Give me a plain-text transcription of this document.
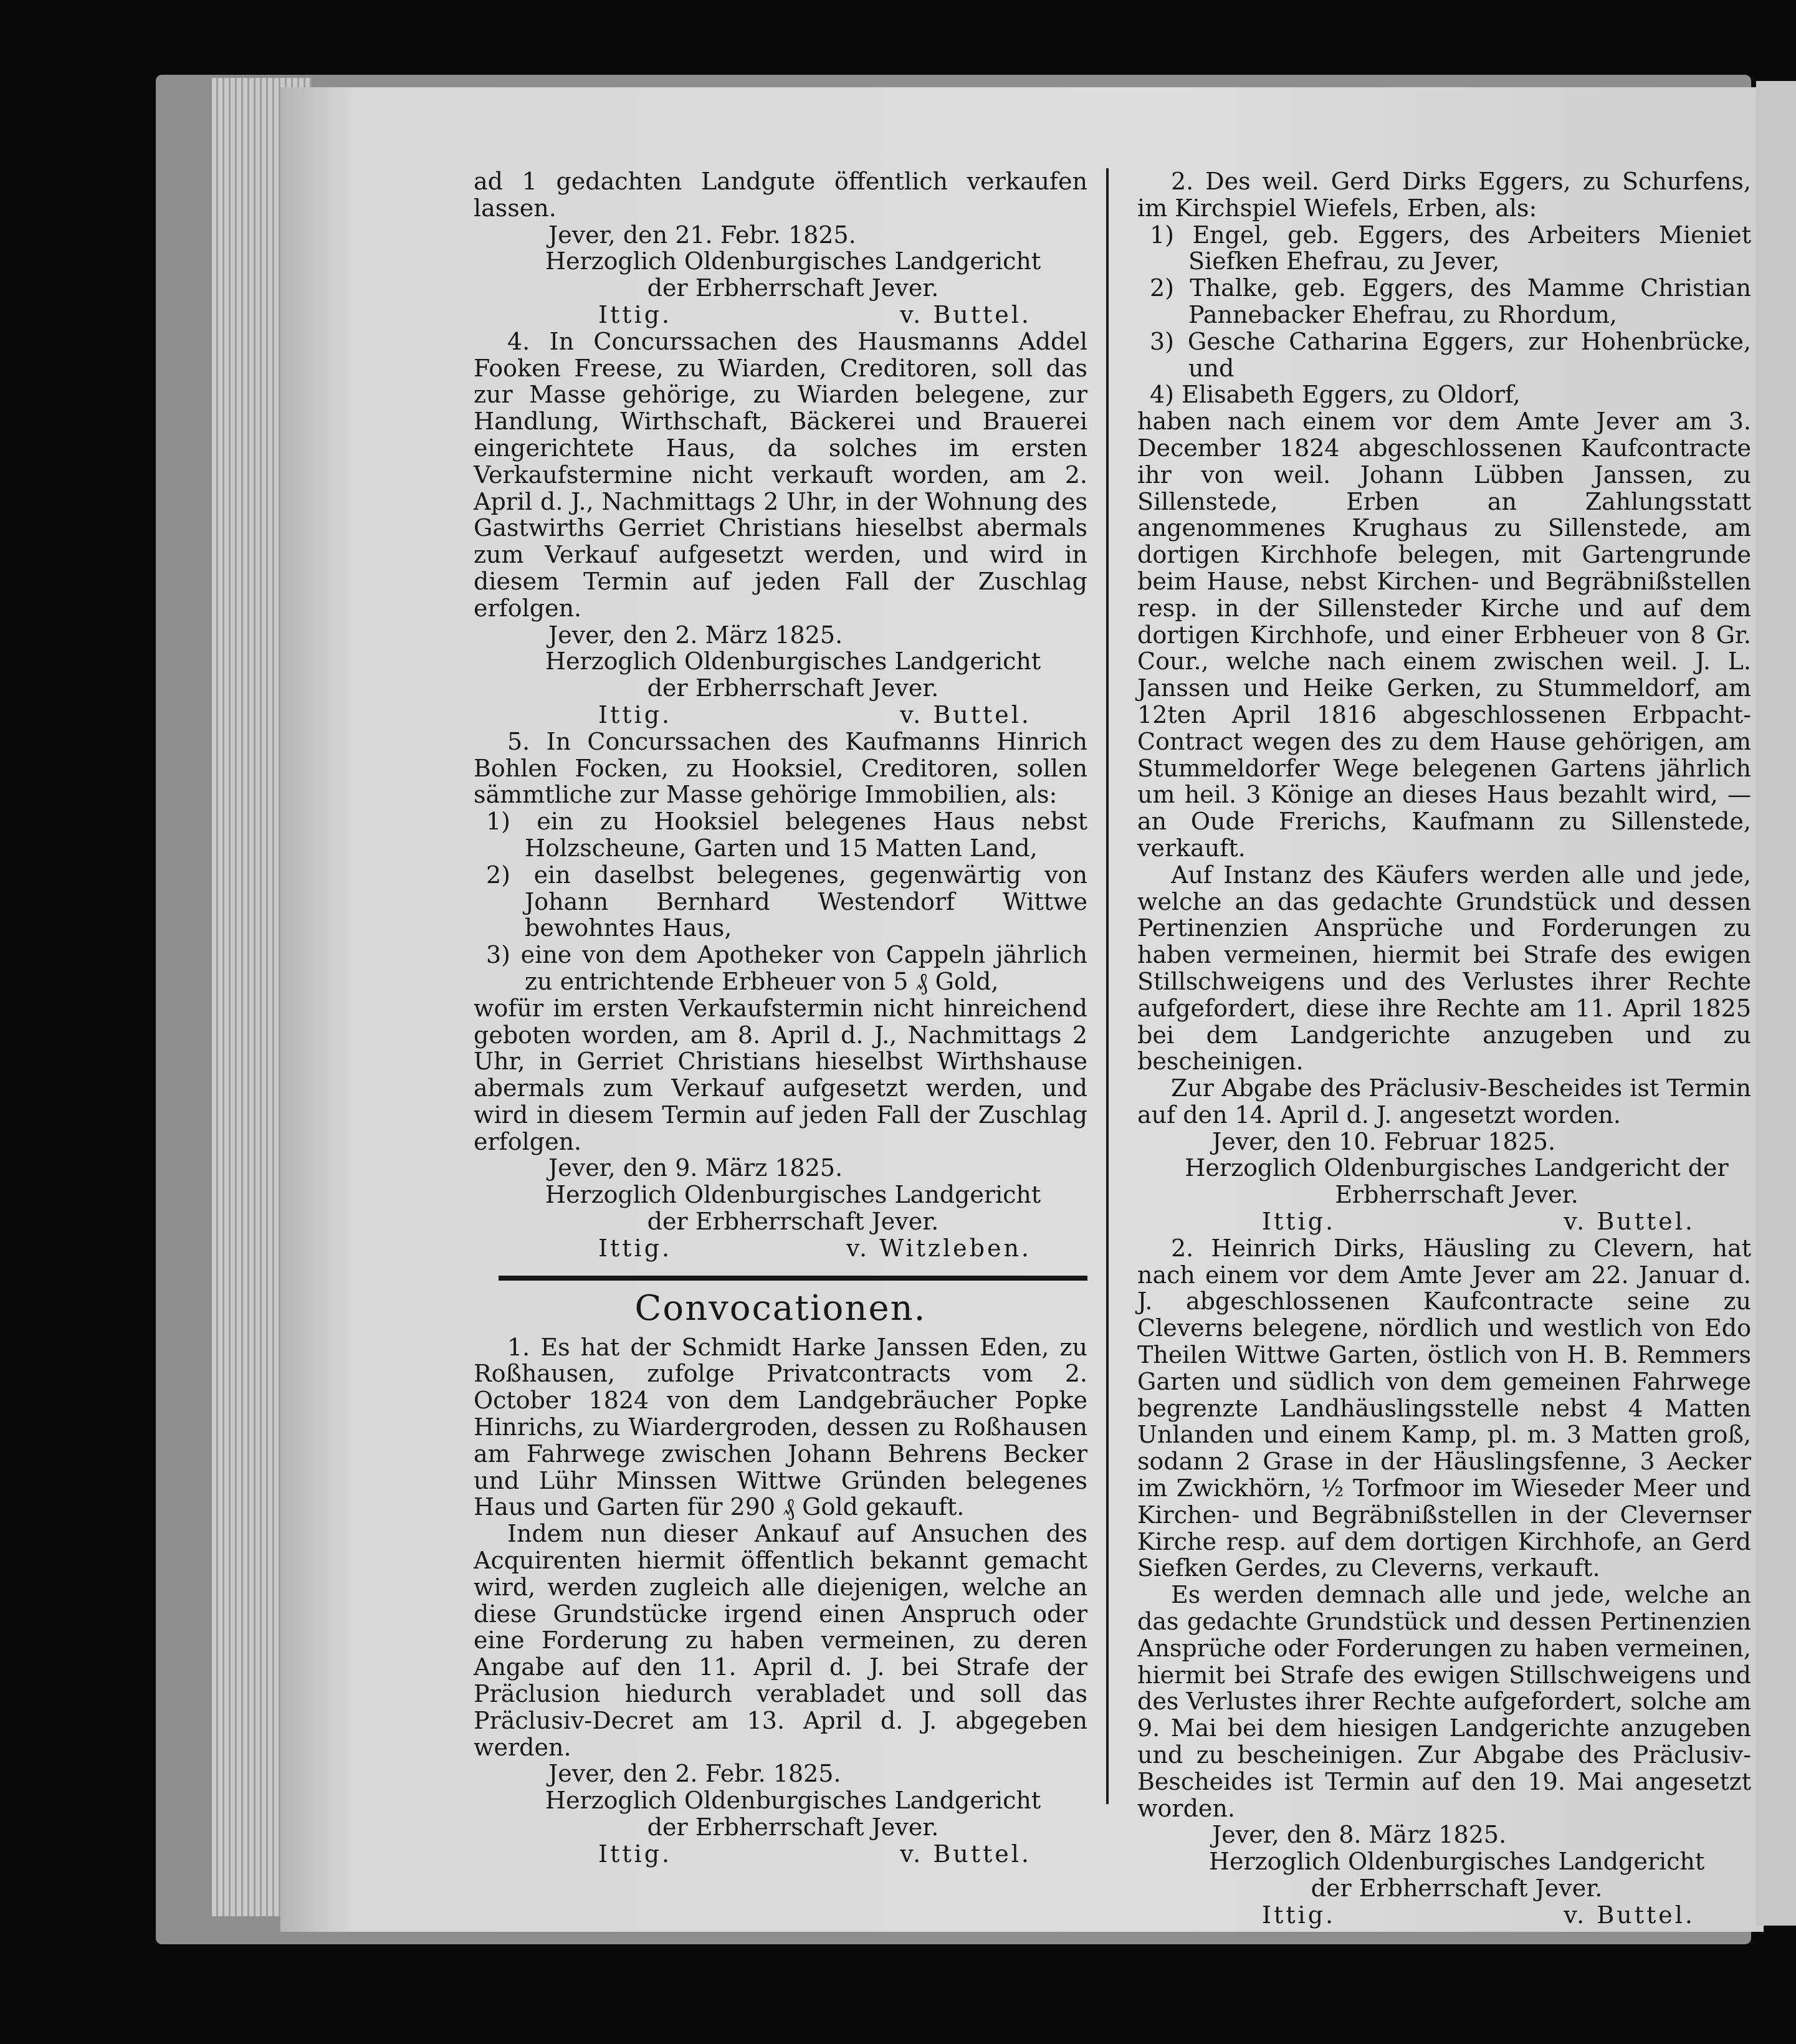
ad 1 gedachten Landgute öffentlich verkaufen lassen.

Jever, den 21. Febr. 1825.
Herzoglich Oldenburgisches Landgericht
der Erbherrschaft Jever.
Ittig.	v. Buttel.

4. In Concurssachen des Hausmanns Addel Fooken Freese, zu Wiarden, Creditoren, soll das zur Masse gehörige, zu Wiarden belegene, zur Handlung, Wirthschaft, Bäckerei und Brauerei eingerichtete Haus, da solches im ersten Verkaufstermine nicht verkauft worden, am 2. April d. J., Nachmittags 2 Uhr, in der Wohnung des Gastwirths Gerriet Christians hieselbst abermals zum Verkauf aufgesetzt werden, und wird in diesem Termin auf jeden Fall der Zuschlag erfolgen.

Jever, den 2. März 1825.
Herzoglich Oldenburgisches Landgericht
der Erbherrschaft Jever.
Ittig.	v. Buttel.

5. In Concurssachen des Kaufmanns Hinrich Bohlen Focken, zu Hooksiel, Creditoren, sollen sämmtliche zur Masse gehörige Immobilien, als:

1) ein zu Hooksiel belegenes Haus nebst Holzscheune, Garten und 15 Matten Land,
2) ein daselbst belegenes, gegenwärtig von Johann Bernhard Westendorf Wittwe bewohntes Haus,
3) eine von dem Apotheker von Cappeln jährlich zu entrichtende Erbheuer von 5 ₰ Gold,

wofür im ersten Verkaufstermin nicht hinreichend geboten worden, am 8. April d. J., Nachmittags 2 Uhr, in Gerriet Christians hieselbst Wirthshause abermals zum Verkauf aufgesetzt werden, und wird in diesem Termin auf jeden Fall der Zuschlag erfolgen.

Jever, den 9. März 1825.
Herzoglich Oldenburgisches Landgericht
der Erbherrschaft Jever.
Ittig.	v. Witzleben.
Convocationen.

1. Es hat der Schmidt Harke Janssen Eden, zu Roßhausen, zufolge Privatcontracts vom 2. October 1824 von dem Landgebräucher Popke Hinrichs, zu Wiardergroden, dessen zu Roßhausen am Fahrwege zwischen Johann Behrens Becker und Lühr Minssen Wittwe Gründen belegenes Haus und Garten für 290 ₰ Gold gekauft.

Indem nun dieser Ankauf auf Ansuchen des Acquirenten hiermit öffentlich bekannt gemacht wird, werden zugleich alle diejenigen, welche an diese Grundstücke irgend einen Anspruch oder eine Forderung zu haben vermeinen, zu deren Angabe auf den 11. April d. J. bei Strafe der Präclusion hiedurch verabladet und soll das Präclusiv-Decret am 13. April d. J. abgegeben werden.

Jever, den 2. Febr. 1825.
Herzoglich Oldenburgisches Landgericht
der Erbherrschaft Jever.
Ittig.	v. Buttel.

2. Des weil. Gerd Dirks Eggers, zu Schurfens, im Kirchspiel Wiefels, Erben, als:

1) Engel, geb. Eggers, des Arbeiters Mieniet Siefken Ehefrau, zu Jever,
2) Thalke, geb. Eggers, des Mamme Christian Pannebacker Ehefrau, zu Rhordum,
3) Gesche Catharina Eggers, zur Hohenbrücke, und
4) Elisabeth Eggers, zu Oldorf,

haben nach einem vor dem Amte Jever am 3. December 1824 abgeschlossenen Kaufcontracte ihr von weil. Johann Lübben Janssen, zu Sillenstede, Erben an Zahlungsstatt angenommenes Krughaus zu Sillenstede, am dortigen Kirchhofe belegen, mit Gartengrunde beim Hause, nebst Kirchen- und Begräbnißstellen resp. in der Sillensteder Kirche und auf dem dortigen Kirchhofe, und einer Erbheuer von 8 Gr. Cour., welche nach einem zwischen weil. J. L. Janssen und Heike Gerken, zu Stummeldorf, am 12ten April 1816 abgeschlossenen Erbpacht-Contract wegen des zu dem Hause gehörigen, am Stummeldorfer Wege belegenen Gartens jährlich um heil. 3 Könige an dieses Haus bezahlt wird, — an Oude Frerichs, Kaufmann zu Sillenstede, verkauft.

Auf Instanz des Käufers werden alle und jede, welche an das gedachte Grundstück und dessen Pertinenzien Ansprüche und Forderungen zu haben vermeinen, hiermit bei Strafe des ewigen Stillschweigens und des Verlustes ihrer Rechte aufgefordert, diese ihre Rechte am 11. April 1825 bei dem Landgerichte anzugeben und zu bescheinigen.

Zur Abgabe des Präclusiv-Bescheides ist Termin auf den 14. April d. J. angesetzt worden.

Jever, den 10. Februar 1825.
Herzoglich Oldenburgisches Landgericht der
Erbherrschaft Jever.
Ittig.	v. Buttel.

2. Heinrich Dirks, Häusling zu Clevern, hat nach einem vor dem Amte Jever am 22. Januar d. J. abgeschlossenen Kaufcontracte seine zu Cleverns belegene, nördlich und westlich von Edo Theilen Wittwe Garten, östlich von H. B. Remmers Garten und südlich von dem gemeinen Fahrwege begrenzte Landhäuslingsstelle nebst 4 Matten Unlanden und einem Kamp, pl. m. 3 Matten groß, sodann 2 Grase in der Häuslingsfenne, 3 Aecker im Zwickhörn, ½ Torfmoor im Wieseder Meer und Kirchen- und Begräbnißstellen in der Clevernser Kirche resp. auf dem dortigen Kirchhofe, an Gerd Siefken Gerdes, zu Cleverns, verkauft.

Es werden demnach alle und jede, welche an das gedachte Grundstück und dessen Pertinenzien Ansprüche oder Forderungen zu haben vermeinen, hiermit bei Strafe des ewigen Stillschweigens und des Verlustes ihrer Rechte aufgefordert, solche am 9. Mai bei dem hiesigen Landgerichte anzugeben und zu bescheinigen. Zur Abgabe des Präclusiv-Bescheides ist Termin auf den 19. Mai angesetzt worden.

Jever, den 8. März 1825.
Herzoglich Oldenburgisches Landgericht
der Erbherrschaft Jever.
Ittig.	v. Buttel.
